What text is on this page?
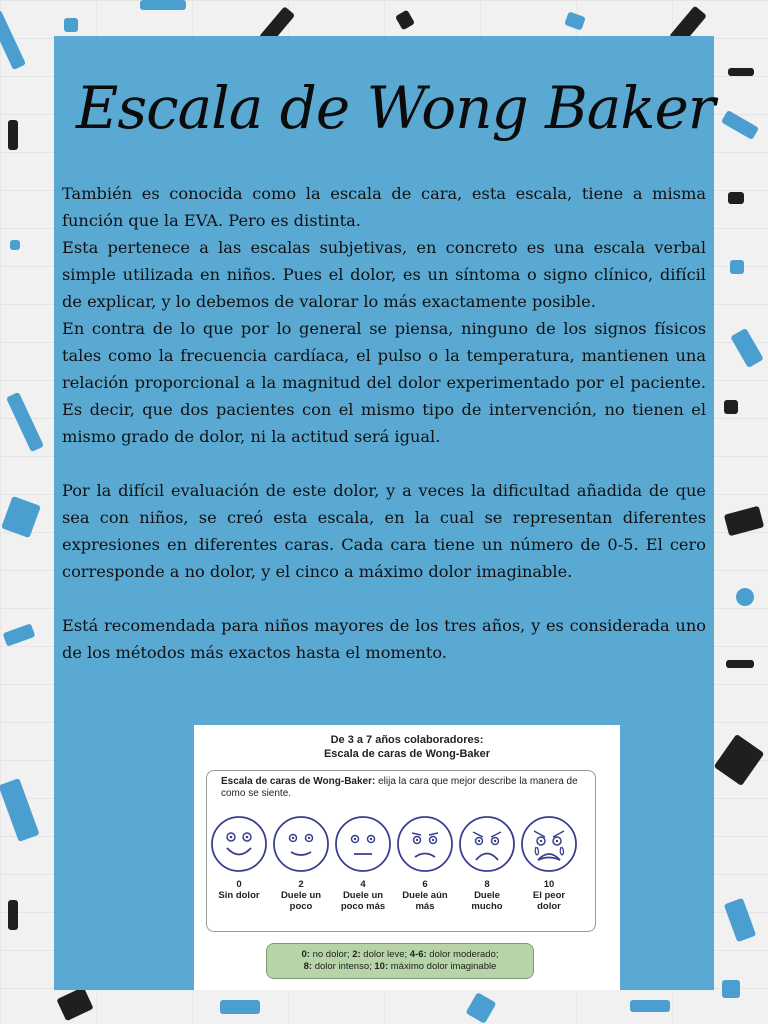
Escala de Wong Baker

También es conocida como la escala de cara, esta escala, tiene a misma función que la EVA. Pero es distinta.

Esta pertenece a las escalas subjetivas, en concreto es una escala verbal simple utilizada en niños. Pues el dolor, es un síntoma o signo clínico, difícil de explicar, y lo debemos de valorar lo más exactamente posible.

En contra de lo que por lo general se piensa, ninguno de los signos físicos tales como la frecuencia cardíaca, el pulso o la temperatura, mantienen una relación proporcional a la magnitud del dolor experimentado por el paciente. Es decir, que dos pacientes con el mismo tipo de intervención, no tienen el mismo grado de dolor, ni la actitud será igual.

Por la difícil evaluación de este dolor, y a veces la dificultad añadida de que sea con niños, se creó esta escala, en la cual se representan diferentes expresiones en diferentes caras. Cada cara tiene un número de 0-5. El cero corresponde a no dolor, y el cinco a máximo dolor imaginable.

Está recomendada para niños mayores de los tres años, y es considerada uno de los métodos más exactos hasta el momento.

De 3 a 7 años colaboradores:
Escala de caras de Wong-Baker
Escala de caras de Wong-Baker: elija la cara que mejor describe la manera de como se siente.
0
Sin dolor
2
Duele un
poco
4
Duele un
poco más
6
Duele aún
más
8
Duele
mucho
10
El peor
dolor
0: no dolor; 2: dolor leve; 4-6: dolor moderado;
8: dolor intenso; 10: máximo dolor imaginable
